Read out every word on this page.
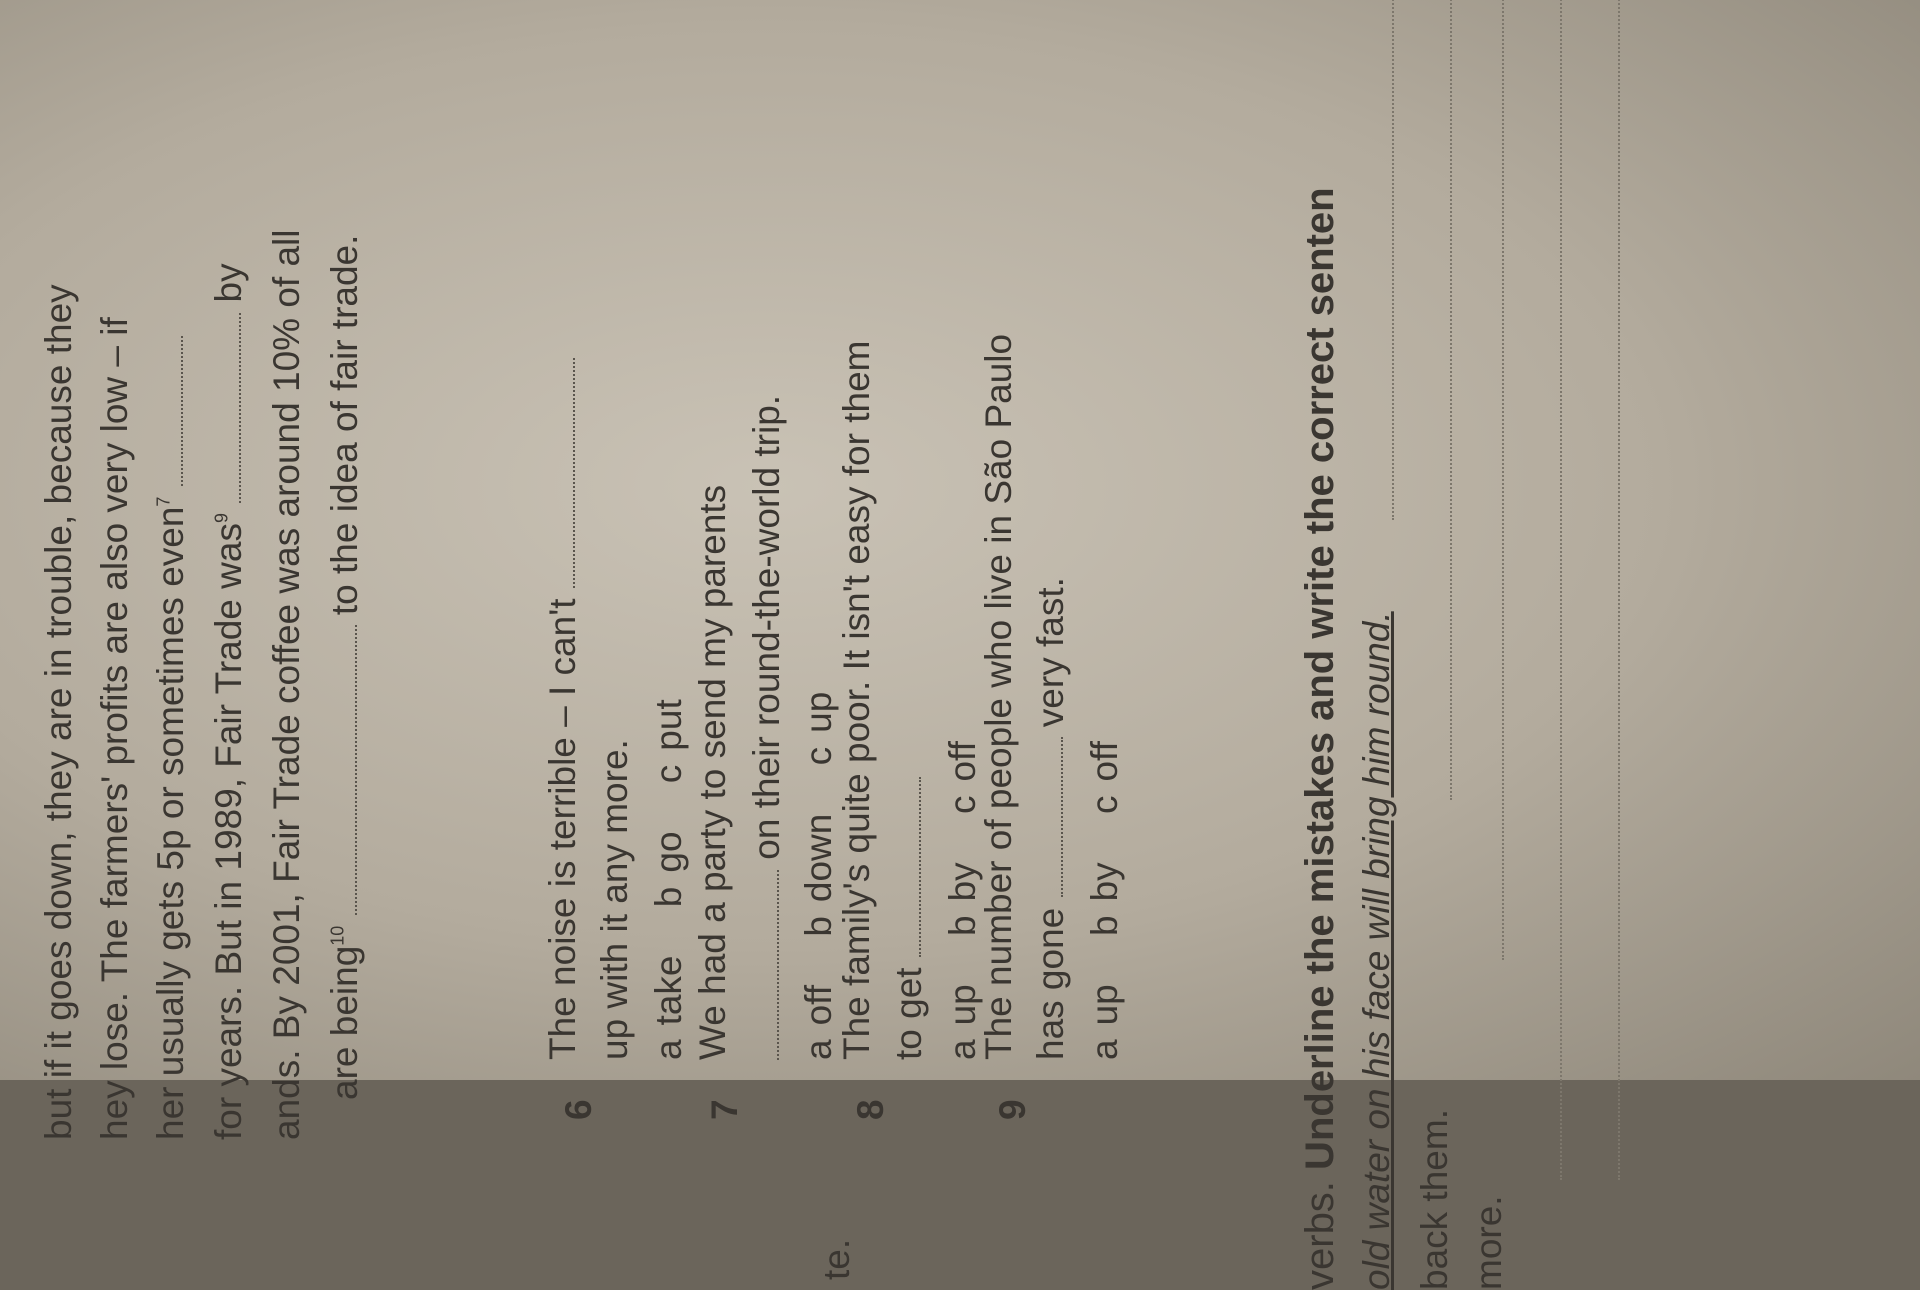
but if it goes down, they are in trouble, because they hey lose. The farmers' profits are also very low – if her usually gets 5p or sometimes even$^7$
for years. But in 1989, Fair Trade was$^9$  by ands. By 2001, Fair Trade coffee was around 10% of all are being$^{10}$  to the idea of fair trade.
6
The noise is terrible – I can't up with it any more. atake bgo cput
7
We had a party to send my parents on their round-the-world trip.
aoff bdown cup
te.
8
The family's quite poor. It isn't easy for them to get aup bby coff
9
The number of people who live in São Paulo has gone  very fast.
aup bby coff
verbs. Underline the mistakes and write the correct senten old water on his face will bring him round. back them. more.
